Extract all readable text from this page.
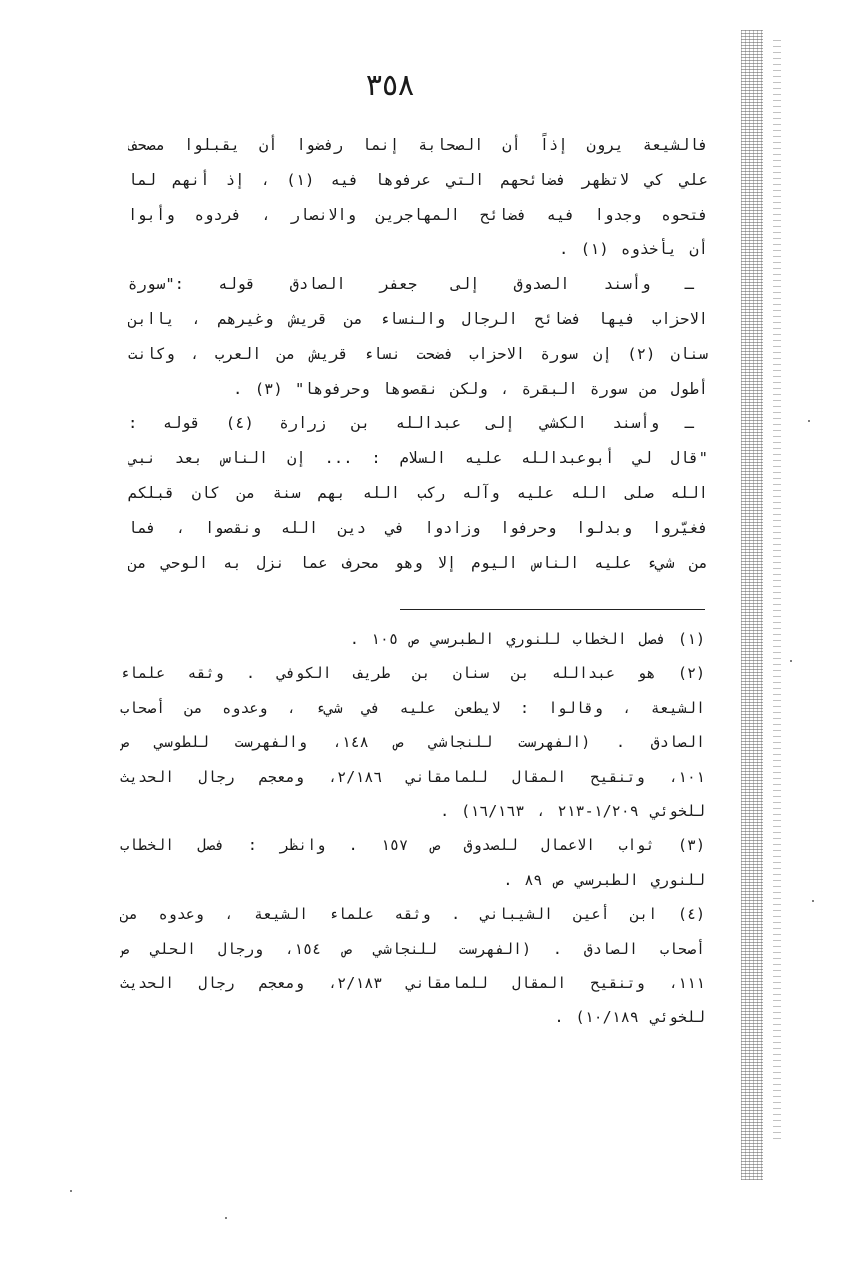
٣٥٨
فالشيعة يرون إذاً أن الصحابة إنما رفضوا أن يقبلوا مصحف
علي كي لاتظهر فضائحهم التي عرفوها فيه (١) ، إذ أنهم لما
فتحوه وجدوا فيه فضائح المهاجرين والانصار ، فردوه وأبوا
أن يأخذوه (١) .
ـ وأسند الصدوق إلى جعفر الصادق قوله :"سورة
الاحزاب فيها فضائح الرجال والنساء من قريش وغيرهم ، ياابن
سنان (٢) إن سورة الاحزاب فضحت نساء قريش من العرب ، وكانت
أطول من سورة البقرة ، ولكن نقصوها وحرفوها" (٣) .
ـ وأسند الكشي إلى عبدالله بن زرارة (٤) قوله :
"قال لي أبوعبدالله عليه السلام : ... إن الناس بعد نبي
الله صلى الله عليه وآله ركب الله بهم سنة من كان قبلكم
فغيّروا وبدلوا وحرفوا وزادوا في دين الله ونقصوا ، فما
من شيء عليه الناس اليوم إلا وهو محرف عما نزل به الوحي من
(١) فصل الخطاب للنوري الطبرسي ص ١٠٥ .
(٢) هو عبدالله بن سنان بن طريف الكوفي . وثقه علماء
الشيعة ، وقالوا : لايطعن عليه في شيء ، وعدوه من أصحاب
الصادق . (الفهرست للنجاشي ص ١٤٨، والفهرست للطوسي ص
١٠١، وتنقيح المقال للمامقاني ٢/١٨٦، ومعجم رجال الحديث
للخوئي ١/٢٠٩-٢١٣ ، ١٦/١٦٣) .
(٣) ثواب الاعمال للصدوق ص ١٥٧ . وانظر : فصل الخطاب
للنوري الطبرسي ص ٨٩ .
(٤) ابن أعين الشيباني . وثقه علماء الشيعة ، وعدوه من
أصحاب الصادق . (الفهرست للنجاشي ص ١٥٤، ورجال الحلي ص
١١١، وتنقيح المقال للمامقاني ٢/١٨٣، ومعجم رجال الحديث
للخوئي ١٠/١٨٩) .
